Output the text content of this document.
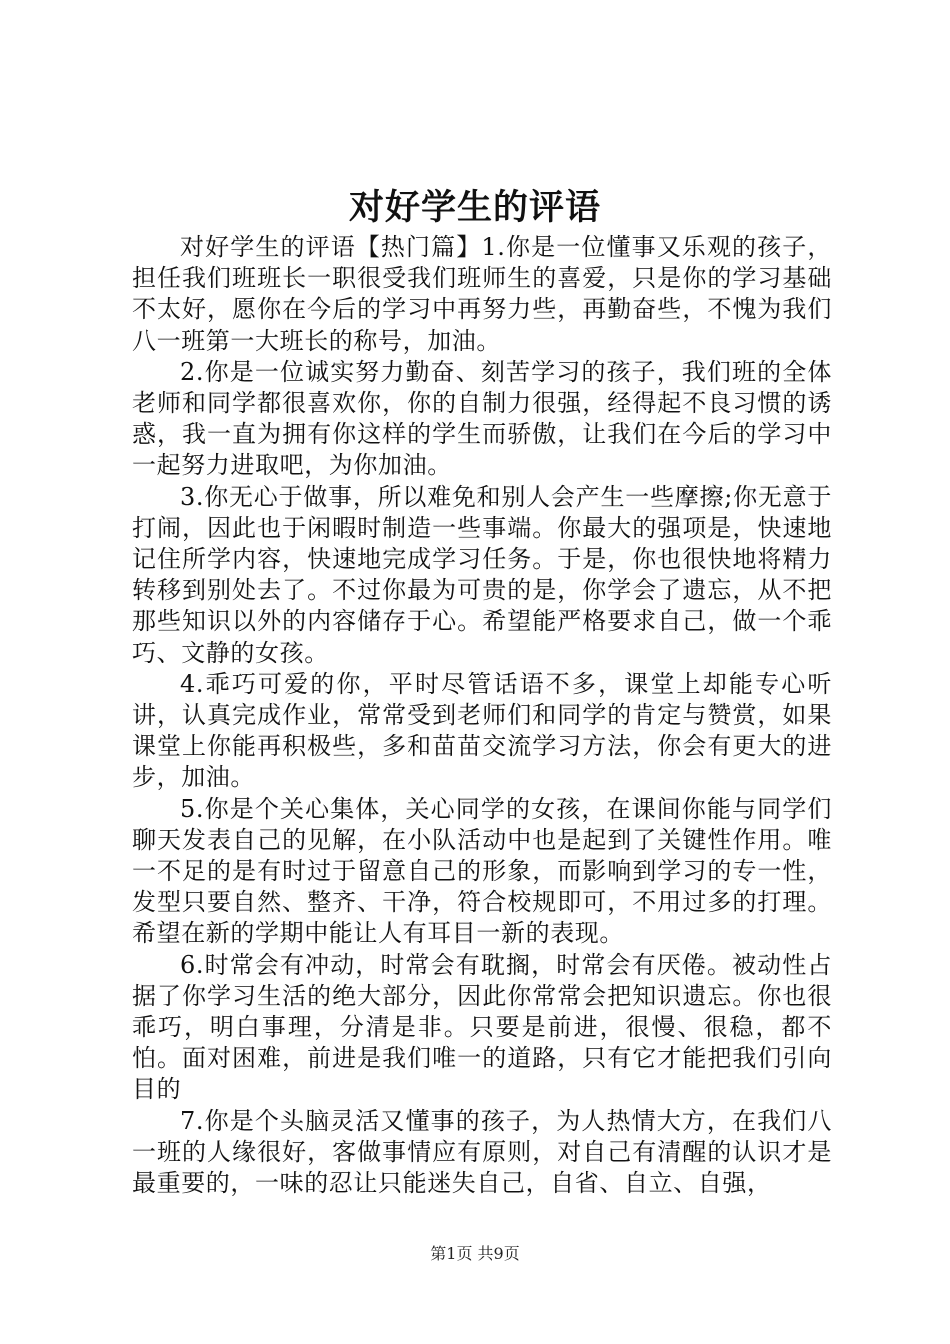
对好学生的评语

对好学生的评语【热门篇】1.你是一位懂事又乐观的孩子，担任我们班班长一职很受我们班师生的喜爱，只是你的学习基础不太好，愿你在今后的学习中再努力些，再勤奋些，不愧为我们八一班第一大班长的称号，加油。

2.你是一位诚实努力勤奋、刻苦学习的孩子，我们班的全体老师和同学都很喜欢你，你的自制力很强，经得起不良习惯的诱惑，我一直为拥有你这样的学生而骄傲，让我们在今后的学习中一起努力进取吧，为你加油。

3.你无心于做事，所以难免和别人会产生一些摩擦;你无意于打闹，因此也于闲暇时制造一些事端。你最大的强项是，快速地记住所学内容，快速地完成学习任务。于是，你也很快地将精力转移到别处去了。不过你最为可贵的是，你学会了遗忘，从不把那些知识以外的内容储存于心。希望能严格要求自己，做一个乖巧、文静的女孩。

4.乖巧可爱的你，平时尽管话语不多，课堂上却能专心听讲，认真完成作业，常常受到老师们和同学的肯定与赞赏，如果课堂上你能再积极些，多和苗苗交流学习方法，你会有更大的进步，加油。

5.你是个关心集体，关心同学的女孩，在课间你能与同学们聊天发表自己的见解，在小队活动中也是起到了关键性作用。唯一不足的是有时过于留意自己的形象，而影响到学习的专一性，发型只要自然、整齐、干净，符合校规即可，不用过多的打理。希望在新的学期中能让人有耳目一新的表现。

6.时常会有冲动，时常会有耽搁，时常会有厌倦。被动性占据了你学习生活的绝大部分，因此你常常会把知识遗忘。你也很乖巧，明白事理，分清是非。只要是前进，很慢、很稳，都不怕。面对困难，前进是我们唯一的道路，只有它才能把我们引向目的

7.你是个头脑灵活又懂事的孩子，为人热情大方，在我们八一班的人缘很好，客做事情应有原则，对自己有清醒的认识才是最重要的，一味的忍让只能迷失自己，自省、自立、自强，

第1页 共9页
